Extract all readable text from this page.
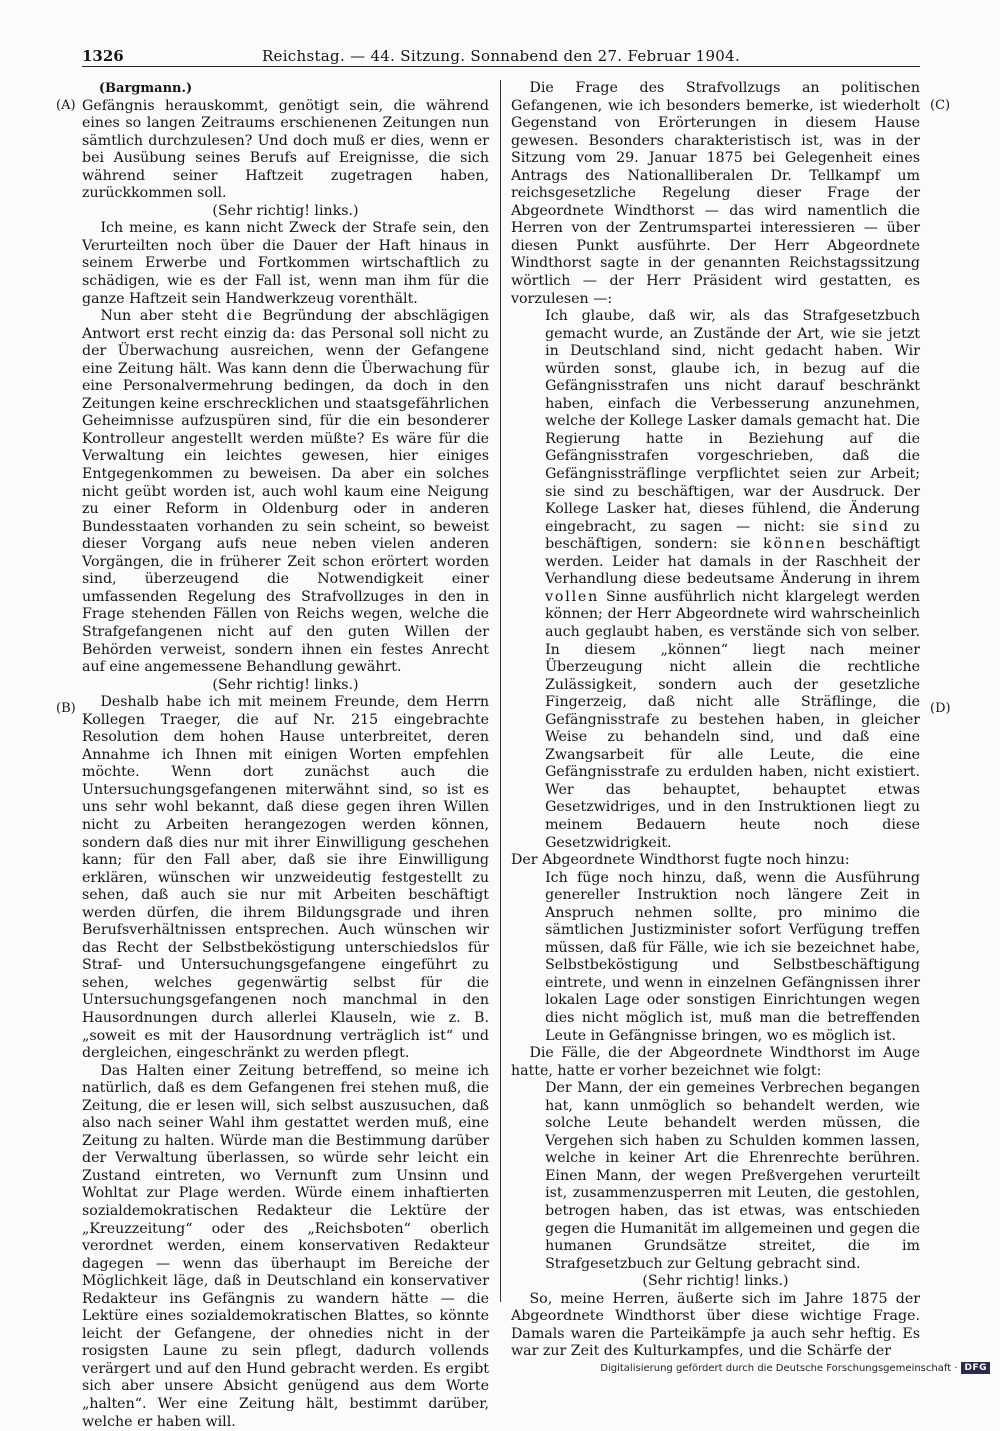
1326	Reichstag. — 44. Sitzung. Sonnabend den 27. Februar 1904.
(A)
(B)
(C)
(D)

(Bargmann.)

Gefängnis herauskommt, genötigt sein, die während eines so langen Zeitraums erschienenen Zeitungen nun sämtlich durchzulesen? Und doch muß er dies, wenn er bei Ausübung seines Berufs auf Ereignisse, die sich während seiner Haftzeit zugetragen haben, zurückkommen soll.

(Sehr richtig! links.)

Ich meine, es kann nicht Zweck der Strafe sein, den Verurteilten noch über die Dauer der Haft hinaus in seinem Erwerbe und Fortkommen wirtschaftlich zu schädigen, wie es der Fall ist, wenn man ihm für die ganze Haftzeit sein Handwerkzeug vorenthält.

Nun aber steht die Begründung der abschlägigen Antwort erst recht einzig da: das Personal soll nicht zu der Überwachung ausreichen, wenn der Gefangene eine Zeitung hält. Was kann denn die Überwachung für eine Personalvermehrung bedingen, da doch in den Zeitungen keine erschrecklichen und staatsgefährlichen Geheimnisse aufzuspüren sind, für die ein besonderer Kontrolleur angestellt werden müßte? Es wäre für die Verwaltung ein leichtes gewesen, hier einiges Entgegenkommen zu beweisen. Da aber ein solches nicht geübt worden ist, auch wohl kaum eine Neigung zu einer Reform in Oldenburg oder in anderen Bundesstaaten vorhanden zu sein scheint, so beweist dieser Vorgang aufs neue neben vielen anderen Vorgängen, die in früherer Zeit schon erörtert worden sind, überzeugend die Notwendigkeit einer umfassenden Regelung des Strafvollzuges in den in Frage stehenden Fällen von Reichs wegen, welche die Strafgefangenen nicht auf den guten Willen der Behörden verweist, sondern ihnen ein festes Anrecht auf eine angemessene Behandlung gewährt.

(Sehr richtig! links.)

Deshalb habe ich mit meinem Freunde, dem Herrn Kollegen Traeger, die auf Nr. 215 eingebrachte Resolution dem hohen Hause unterbreitet, deren Annahme ich Ihnen mit einigen Worten empfehlen möchte. Wenn dort zunächst auch die Untersuchungsgefangenen miterwähnt sind, so ist es uns sehr wohl bekannt, daß diese gegen ihren Willen nicht zu Arbeiten herangezogen werden können, sondern daß dies nur mit ihrer Einwilligung geschehen kann; für den Fall aber, daß sie ihre Einwilligung erklären, wünschen wir unzweideutig festgestellt zu sehen, daß auch sie nur mit Arbeiten beschäftigt werden dürfen, die ihrem Bildungsgrade und ihren Berufsverhältnissen entsprechen. Auch wünschen wir das Recht der Selbstbeköstigung unterschiedslos für Straf- und Untersuchungsgefangene eingeführt zu sehen, welches gegenwärtig selbst für die Untersuchungsgefangenen noch manchmal in den Hausordnungen durch allerlei Klauseln, wie z. B. „soweit es mit der Hausordnung verträglich ist“ und dergleichen, eingeschränkt zu werden pflegt.

Das Halten einer Zeitung betreffend, so meine ich natürlich, daß es dem Gefangenen frei stehen muß, die Zeitung, die er lesen will, sich selbst auszusuchen, daß also nach seiner Wahl ihm gestattet werden muß, eine Zeitung zu halten. Würde man die Bestimmung darüber der Verwaltung überlassen, so würde sehr leicht ein Zustand eintreten, wo Vernunft zum Unsinn und Wohltat zur Plage werden. Würde einem inhaftierten sozialdemokratischen Redakteur die Lektüre der „Kreuzzeitung“ oder des „Reichsboten“ oberlich verordnet werden, einem konservativen Redakteur dagegen — wenn das überhaupt im Bereiche der Möglichkeit läge, daß in Deutschland ein konservativer Redakteur ins Gefängnis zu wandern hätte — die Lektüre eines sozialdemokratischen Blattes, so könnte leicht der Gefangene, der ohnedies nicht in der rosigsten Laune zu sein pflegt, dadurch vollends verärgert und auf den Hund gebracht werden. Es ergibt sich aber unsere Absicht genügend aus dem Worte „halten“. Wer eine Zeitung hält, bestimmt darüber, welche er haben will.

Die Frage des Strafvollzugs an politischen Gefangenen, wie ich besonders bemerke, ist wiederholt Gegenstand von Erörterungen in diesem Hause gewesen. Besonders charakteristisch ist, was in der Sitzung vom 29. Januar 1875 bei Gelegenheit eines Antrags des Nationalliberalen Dr. Tellkampf um reichsgesetzliche Regelung dieser Frage der Abgeordnete Windthorst — das wird namentlich die Herren von der Zentrumspartei interessieren — über diesen Punkt ausführte. Der Herr Abgeordnete Windthorst sagte in der genannten Reichstagssitzung wörtlich — der Herr Präsident wird gestatten, es vorzulesen —:

Ich glaube, daß wir, als das Strafgesetzbuch gemacht wurde, an Zustände der Art, wie sie jetzt in Deutschland sind, nicht gedacht haben. Wir würden sonst, glaube ich, in bezug auf die Gefängnisstrafen uns nicht darauf beschränkt haben, einfach die Verbesserung anzunehmen, welche der Kollege Lasker damals gemacht hat. Die Regierung hatte in Beziehung auf die Gefängnisstrafen vorgeschrieben, daß die Gefängnissträflinge verpflichtet seien zur Arbeit; sie sind zu beschäftigen, war der Ausdruck. Der Kollege Lasker hat, dieses fühlend, die Änderung eingebracht, zu sagen — nicht: sie sind zu beschäftigen, sondern: sie können beschäftigt werden. Leider hat damals in der Raschheit der Verhandlung diese bedeutsame Änderung in ihrem vollen Sinne ausführlich nicht klargelegt werden können; der Herr Abgeordnete wird wahrscheinlich auch geglaubt haben, es verstände sich von selber. In diesem „können“ liegt nach meiner Überzeugung nicht allein die rechtliche Zulässigkeit, sondern auch der gesetzliche Fingerzeig, daß nicht alle Sträflinge, die Gefängnisstrafe zu bestehen haben, in gleicher Weise zu behandeln sind, und daß eine Zwangsarbeit für alle Leute, die eine Gefängnisstrafe zu erdulden haben, nicht existiert. Wer das behauptet, behauptet etwas Gesetzwidriges, und in den Instruktionen liegt zu meinem Bedauern heute noch diese Gesetzwidrigkeit.

Der Abgeordnete Windthorst fugte noch hinzu:

Ich füge noch hinzu, daß, wenn die Ausführung genereller Instruktion noch längere Zeit in Anspruch nehmen sollte, pro minimo die sämtlichen Justizminister sofort Verfügung treffen müssen, daß für Fälle, wie ich sie bezeichnet habe, Selbstbeköstigung und Selbstbeschäftigung eintrete, und wenn in einzelnen Gefängnissen ihrer lokalen Lage oder sonstigen Einrichtungen wegen dies nicht möglich ist, muß man die betreffenden Leute in Gefängnisse bringen, wo es möglich ist.

Die Fälle, die der Abgeordnete Windthorst im Auge hatte, hatte er vorher bezeichnet wie folgt:

Der Mann, der ein gemeines Verbrechen begangen hat, kann unmöglich so behandelt werden, wie solche Leute behandelt werden müssen, die Vergehen sich haben zu Schulden kommen lassen, welche in keiner Art die Ehrenrechte berühren. Einen Mann, der wegen Preßvergehen verurteilt ist, zusammenzusperren mit Leuten, die gestohlen, betrogen haben, das ist etwas, was entschieden gegen die Humanität im allgemeinen und gegen die humanen Grundsätze streitet, die im Strafgesetzbuch zur Geltung gebracht sind.

(Sehr richtig! links.)

So, meine Herren, äußerte sich im Jahre 1875 der Abgeordnete Windthorst über diese wichtige Frage. Damals waren die Parteikämpfe ja auch sehr heftig. Es war zur Zeit des Kulturkampfes, und die Schärfe der

Digitalisierung gefördert durch die Deutsche Forschungsgemeinschaft · DFG
